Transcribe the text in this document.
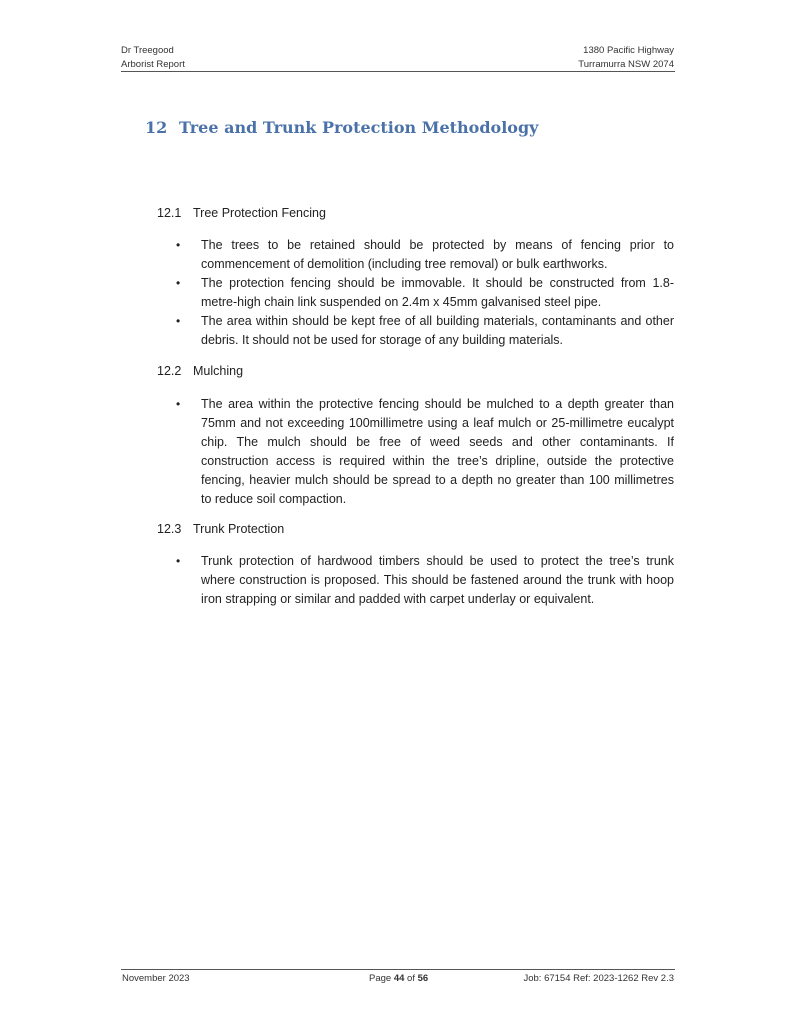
Dr Treegood
Arborist Report
1380 Pacific Highway
Turramurra NSW 2074
12 Tree and Trunk Protection Methodology
12.1 Tree Protection Fencing
• The trees to be retained should be protected by means of fencing prior to commencement of demolition (including tree removal) or bulk earthworks.
• The protection fencing should be immovable. It should be constructed from 1.8-metre-high chain link suspended on 2.4m x 45mm galvanised steel pipe.
• The area within should be kept free of all building materials, contaminants and other debris. It should not be used for storage of any building materials.
12.2 Mulching
• The area within the protective fencing should be mulched to a depth greater than 75mm and not exceeding 100millimetre using a leaf mulch or 25-millimetre eucalypt chip. The mulch should be free of weed seeds and other contaminants. If construction access is required within the tree’s dripline, outside the protective fencing, heavier mulch should be spread to a depth no greater than 100 millimetres to reduce soil compaction.
12.3 Trunk Protection
• Trunk protection of hardwood timbers should be used to protect the tree’s trunk where construction is proposed. This should be fastened around the trunk with hoop iron strapping or similar and padded with carpet underlay or equivalent.
November 2023	Page 44 of 56	Job: 67154 Ref: 2023-1262 Rev 2.3
